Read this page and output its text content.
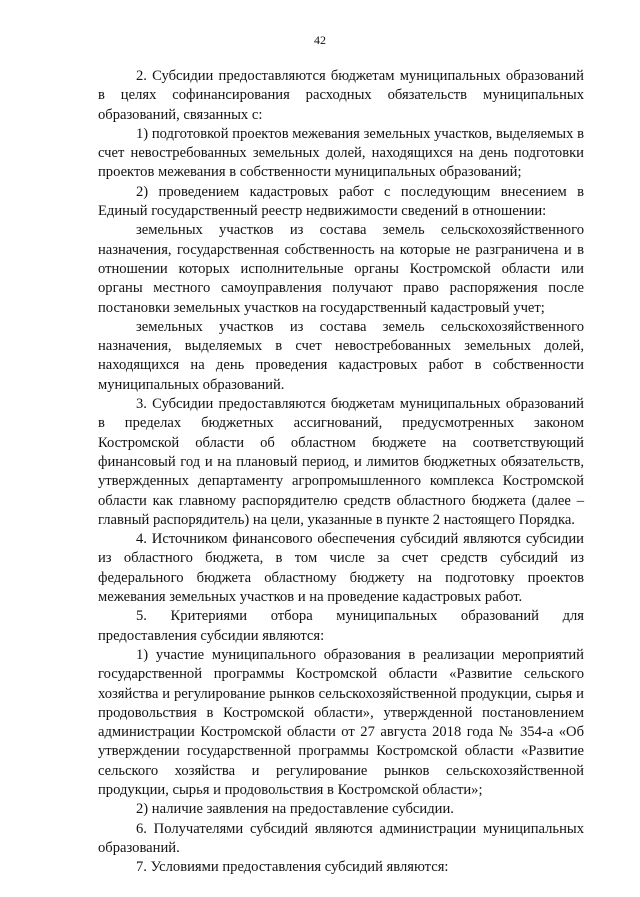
42

2. Субсидии предоставляются бюджетам муниципальных образований в целях софинансирования расходных обязательств муниципальных образований, связанных с:

1) подготовкой проектов межевания земельных участков, выделяемых в счет невостребованных земельных долей, находящихся на день подготовки проектов межевания в собственности муниципальных образований;

2) проведением кадастровых работ с последующим внесением в Единый государственный реестр недвижимости сведений в отношении:

земельных участков из состава земель сельскохозяйственного назначения, государственная собственность на которые не разграничена и в отношении которых исполнительные органы Костромской области или органы местного самоуправления получают право распоряжения после постановки земельных участков на государственный кадастровый учет;

земельных участков из состава земель сельскохозяйственного назначения, выделяемых в счет невостребованных земельных долей, находящихся на день проведения кадастровых работ в собственности муниципальных образований.

3. Субсидии предоставляются бюджетам муниципальных образований в пределах бюджетных ассигнований, предусмотренных законом Костромской области об областном бюджете на соответствующий финансовый год и на плановый период, и лимитов бюджетных обязательств, утвержденных департаменту агропромышленного комплекса Костромской области как главному распорядителю средств областного бюджета (далее – главный распорядитель) на цели, указанные в пункте 2 настоящего Порядка.

4. Источником финансового обеспечения субсидий являются субсидии из областного бюджета, в том числе за счет средств субсидий из федерального бюджета областному бюджету на подготовку проектов межевания земельных участков и на проведение кадастровых работ.

5. Критериями отбора муниципальных образований для предоставления субсидии являются:

1) участие муниципального образования в реализации мероприятий государственной программы Костромской области «Развитие сельского хозяйства и регулирование рынков сельскохозяйственной продукции, сырья и продовольствия в Костромской области», утвержденной постановлением администрации Костромской области от 27 августа 2018 года № 354-а «Об утверждении государственной программы Костромской области «Развитие сельского хозяйства и регулирование рынков сельскохозяйственной продукции, сырья и продовольствия в Костромской области»;

2) наличие заявления на предоставление субсидии.

6. Получателями субсидий являются администрации муниципальных образований.

7. Условиями предоставления субсидий являются:
